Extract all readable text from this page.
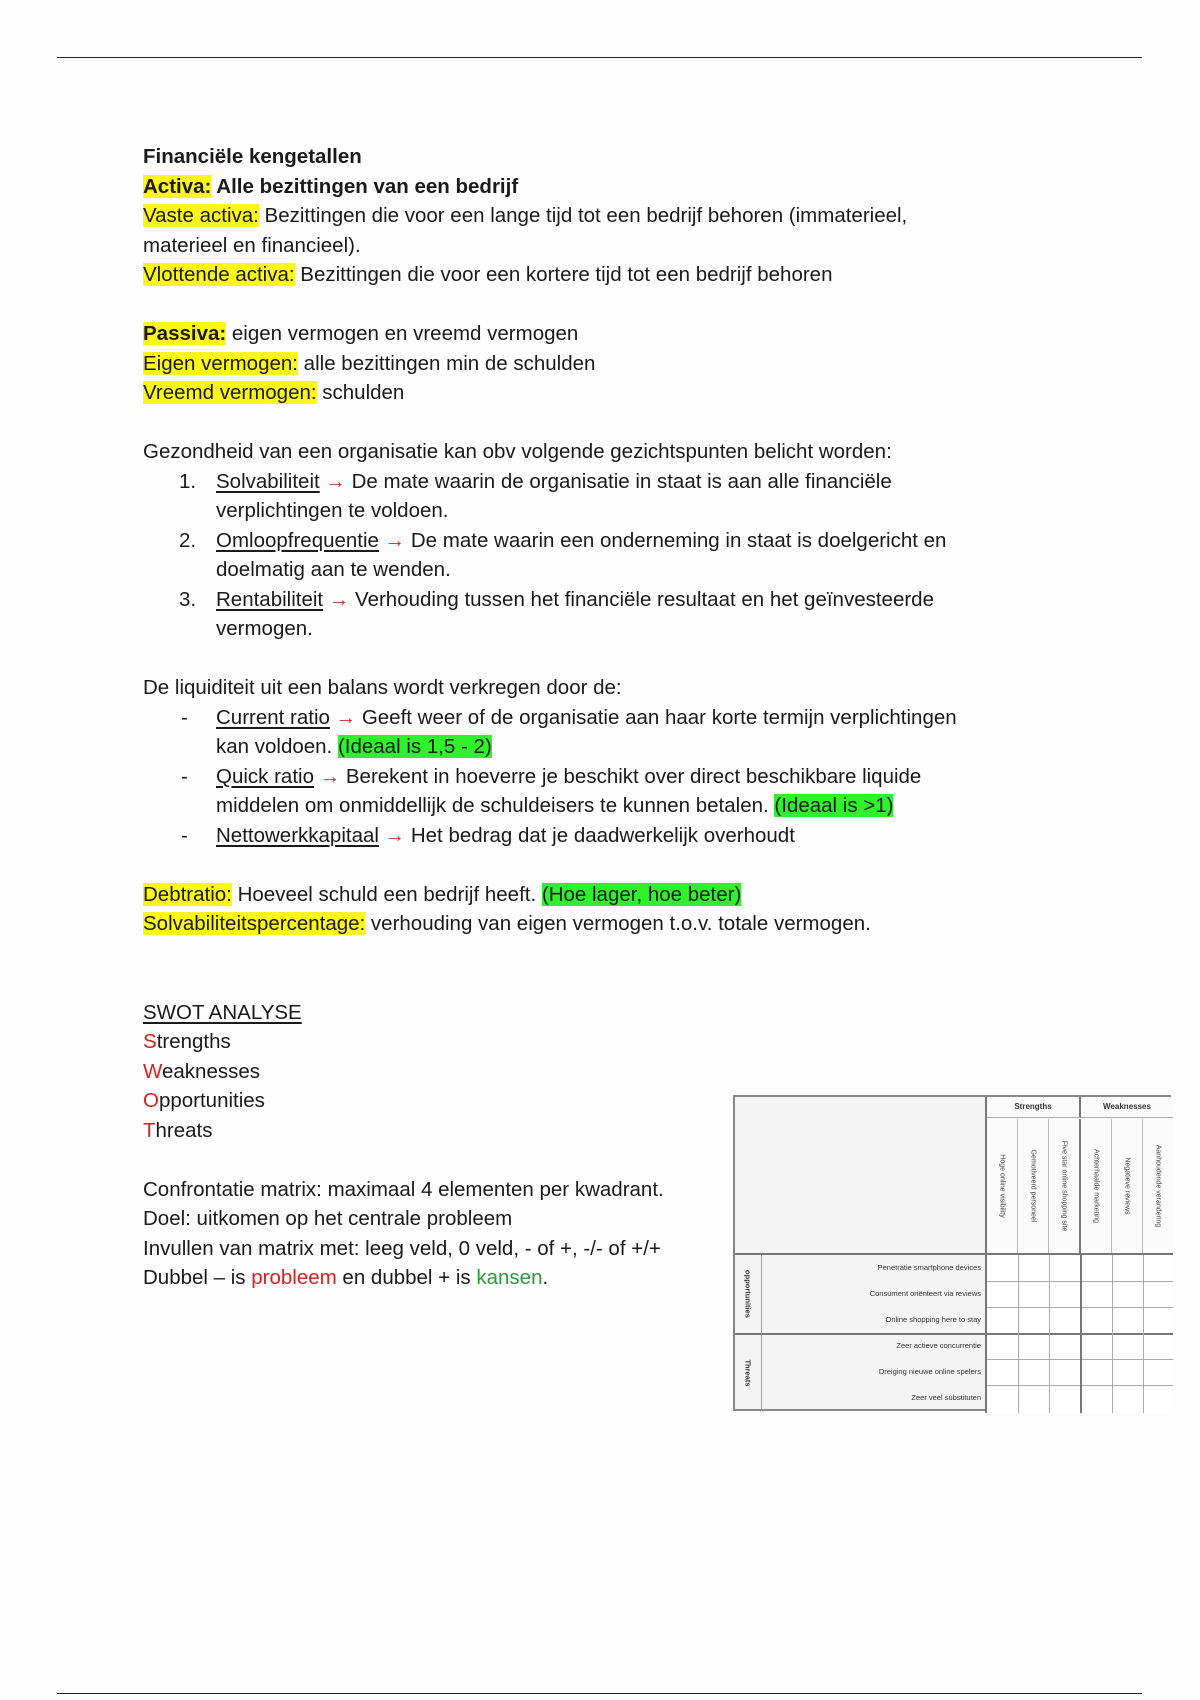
Financiële kengetallen
Activa: Alle bezittingen van een bedrijf
Vaste activa: Bezittingen die voor een lange tijd tot een bedrijf behoren (immaterieel,
materieel en financieel).
Vlottende activa: Bezittingen die voor een kortere tijd tot een bedrijf behoren
Passiva: eigen vermogen en vreemd vermogen
Eigen vermogen: alle bezittingen min de schulden
Vreemd vermogen: schulden
Gezondheid van een organisatie kan obv volgende gezichtspunten belicht worden:
1. Solvabiliteit → De mate waarin de organisatie in staat is aan alle financiële
verplichtingen te voldoen.
2. Omloopfrequentie → De mate waarin een onderneming in staat is doelgericht en
doelmatig aan te wenden.
3. Rentabiliteit → Verhouding tussen het financiële resultaat en het geïnvesteerde
vermogen.
De liquiditeit uit een balans wordt verkregen door de:
- Current ratio → Geeft weer of de organisatie aan haar korte termijn verplichtingen
kan voldoen. (Ideaal is 1,5 - 2)
- Quick ratio → Berekent in hoeverre je beschikt over direct beschikbare liquide
middelen om onmiddellijk de schuldeisers te kunnen betalen. (Ideaal is >1)
- Nettowerkkapitaal → Het bedrag dat je daadwerkelijk overhoudt
Debtratio: Hoeveel schuld een bedrijf heeft. (Hoe lager, hoe beter)
Solvabiliteitspercentage: verhouding van eigen vermogen t.o.v. totale vermogen.
SWOT ANALYSE
Strengths
Weaknesses
Opportunities
Threats
Confrontatie matrix: maximaal 4 elementen per kwadrant.
Doel: uitkomen op het centrale probleem
Invullen van matrix met: leeg veld, 0 veld, - of +, -/- of +/+
Dubbel – is probleem en dubbel + is kansen.
Strengths	Weaknesses
Hoge online visibility	Gemotiveerd personeel	Five star online shopping site	Achterhaalde marketing	Negatieve reviews	Aanhoudende verandering
opportunities
Penetratie smartphone devices
Consument oriënteert via reviews
Online shopping here to stay
Threats
Zeer actieve concurrentie
Dreiging nieuwe online spelers
Zeer veel substituten
